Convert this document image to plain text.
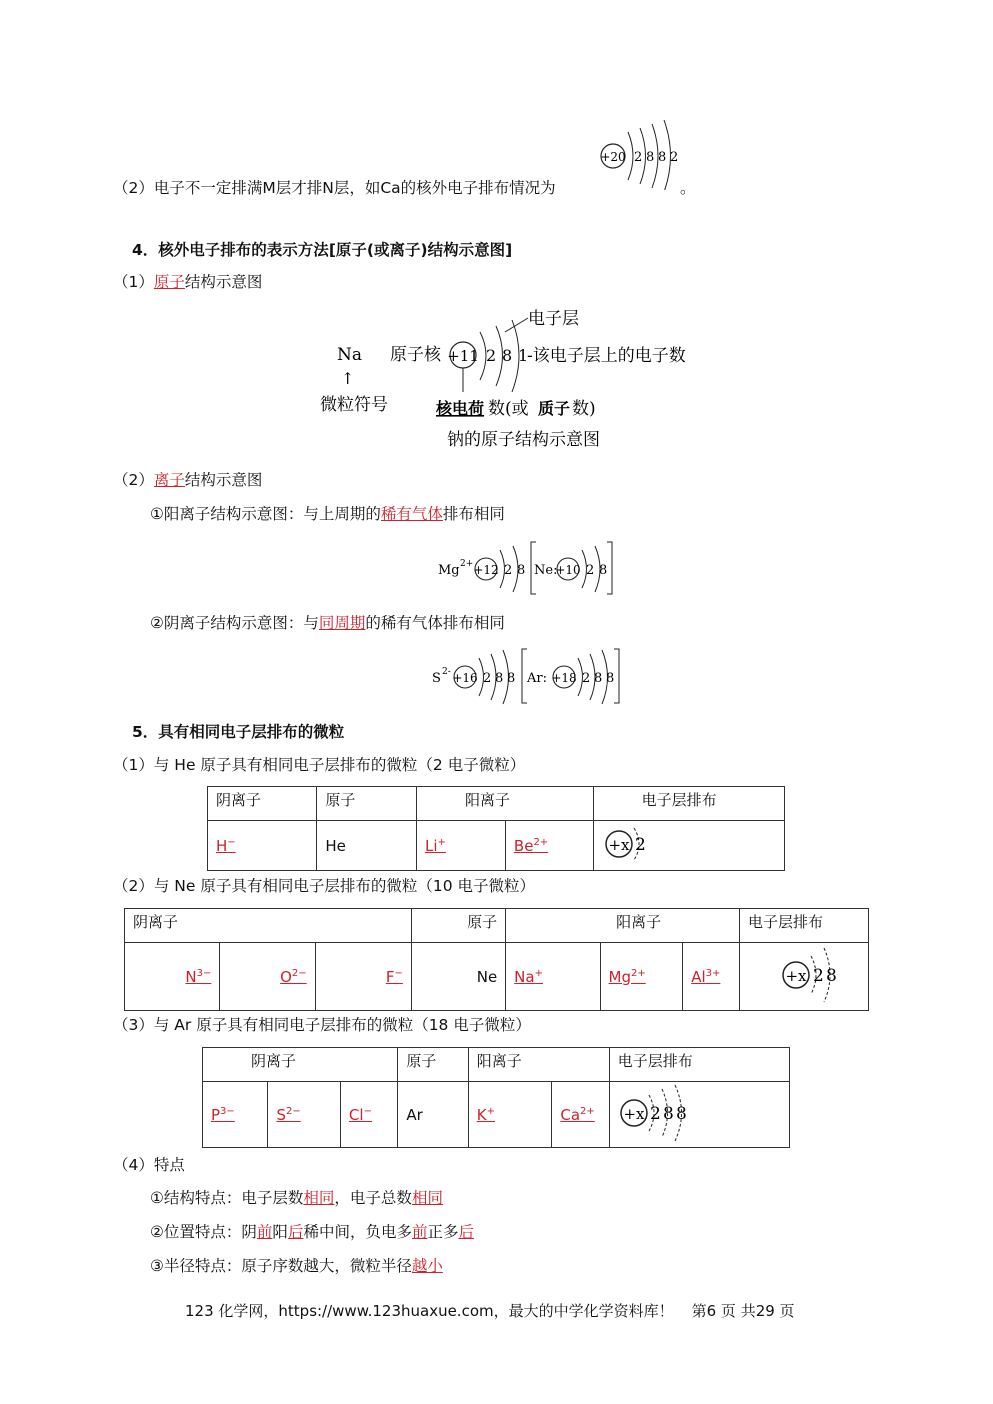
（2）电子不一定排满M层才排N层，如Ca的核外电子排布情况为
+20 2 8 8 2
。
4．核外电子排布的表示方法[原子(或离子)结构示意图]
（1）原子结构示意图
Na
↑
微粒符号
原子核 +11 2 8 1
电子层
-该电子层上的电子数
核电荷 数(或 质子 数)
钠的原子结构示意图
（2）离子结构示意图
①阳离子结构示意图：与上周期的稀有气体排布相同
Mg 2+ +12 2 8 Ne:
+10 2 8
②阴离子结构示意图：与同周期的稀有气体排布相同
S 2- +16 2 8 8 Ar: +18 2 8 8
5．具有相同电子层排布的微粒
（1）与 He 原子具有相同电子层排布的微粒（2 电子微粒）
阴离子	原子	阳离子		电子层排布
H−	He	Li+	$Be^{2+}$	+x 2
（2）与 Ne 原子具有相同电子层排布的微粒（10 电子微粒）
阴离子			原子	阳离子			电子层排布
$N^{3-}$	$O^{2-}$	F−	Ne	Na+	$Mg^{2+}$	$Al^{3+}$	+x 2 8
（3）与 Ar 原子具有相同电子层排布的微粒（18 电子微粒）
阴离子			原子	阳离子		电子层排布
$P^{3-}$	$S^{2-}$	Cl−	Ar	K+	$Ca^{2+}$	+x 2 8 8
（4）特点
①结构特点：电子层数相同，电子总数相同
②位置特点：阴前阳后稀中间，负电多前正多后
③半径特点：原子序数越大，微粒半径越小
123 化学网，https://www.123huaxue.com，最大的中学化学资料库！ 第6 页 共29 页
